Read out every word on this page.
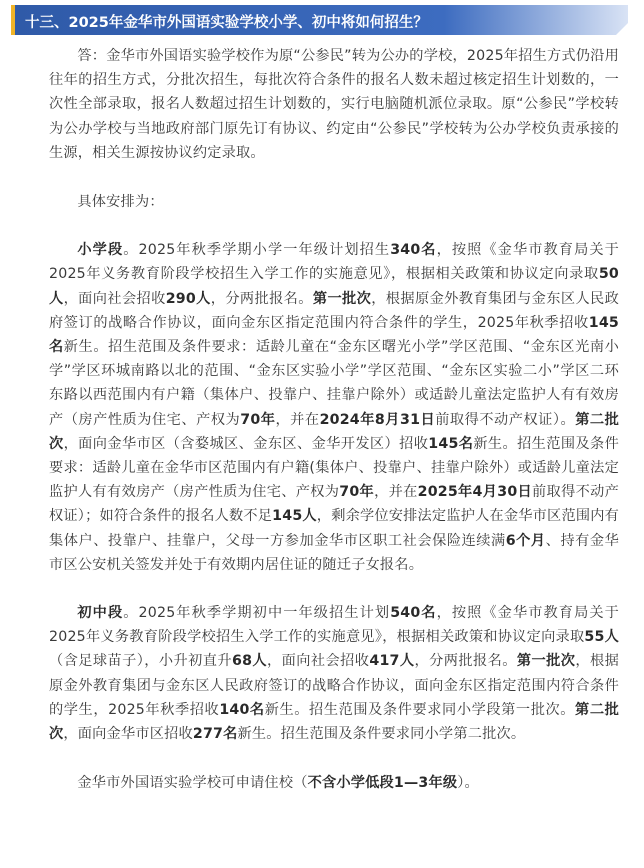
十三、2025年金华市外国语实验学校小学、初中将如何招生？

答：金华市外国语实验学校作为原“公参民”转为公办的学校，2025年招生方式仍沿用往年的招生方式，分批次招生，每批次符合条件的报名人数未超过核定招生计划数的，一次性全部录取，报名人数超过招生计划数的，实行电脑随机派位录取。原“公参民”学校转为公办学校与当地政府部门原先订有协议、约定由“公参民”学校转为公办学校负责承接的生源，相关生源按协议约定录取。

具体安排为：

小学段。2025年秋季学期小学一年级计划招生340名，按照《金华市教育局关于2025年义务教育阶段学校招生入学工作的实施意见》，根据相关政策和协议定向录取50人，面向社会招收290人，分两批报名。第一批次，根据原金外教育集团与金东区人民政府签订的战略合作协议，面向金东区指定范围内符合条件的学生，2025年秋季招收145名新生。招生范围及条件要求：适龄儿童在“金东区曙光小学”学区范围、“金东区光南小学”学区环城南路以北的范围、“金东区实验小学”学区范围、“金东区实验二小”学区二环东路以西范围内有户籍（集体户、投靠户、挂靠户除外）或适龄儿童法定监护人有有效房产（房产性质为住宅、产权为70年，并在2024年8月31日前取得不动产权证）。第二批次，面向金华市区（含婺城区、金东区、金华开发区）招收145名新生。招生范围及条件要求：适龄儿童在金华市区范围内有户籍(集体户、投靠户、挂靠户除外）或适龄儿童法定监护人有有效房产（房产性质为住宅、产权为70年，并在2025年4月30日前取得不动产权证）；如符合条件的报名人数不足145人，剩余学位安排法定监护人在金华市区范围内有集体户、投靠户、挂靠户，父母一方参加金华市区职工社会保险连续满6个月、持有金华市区公安机关签发并处于有效期内居住证的随迁子女报名。

初中段。2025年秋季学期初中一年级招生计划540名，按照《金华市教育局关于2025年义务教育阶段学校招生入学工作的实施意见》，根据相关政策和协议定向录取55人（含足球苗子），小升初直升68人，面向社会招收417人，分两批报名。第一批次，根据原金外教育集团与金东区人民政府签订的战略合作协议，面向金东区指定范围内符合条件的学生，2025年秋季招收140名新生。招生范围及条件要求同小学段第一批次。第二批次，面向金华市区招收277名新生。招生范围及条件要求同小学第二批次。

金华市外国语实验学校可申请住校（不含小学低段1—3年级）。
